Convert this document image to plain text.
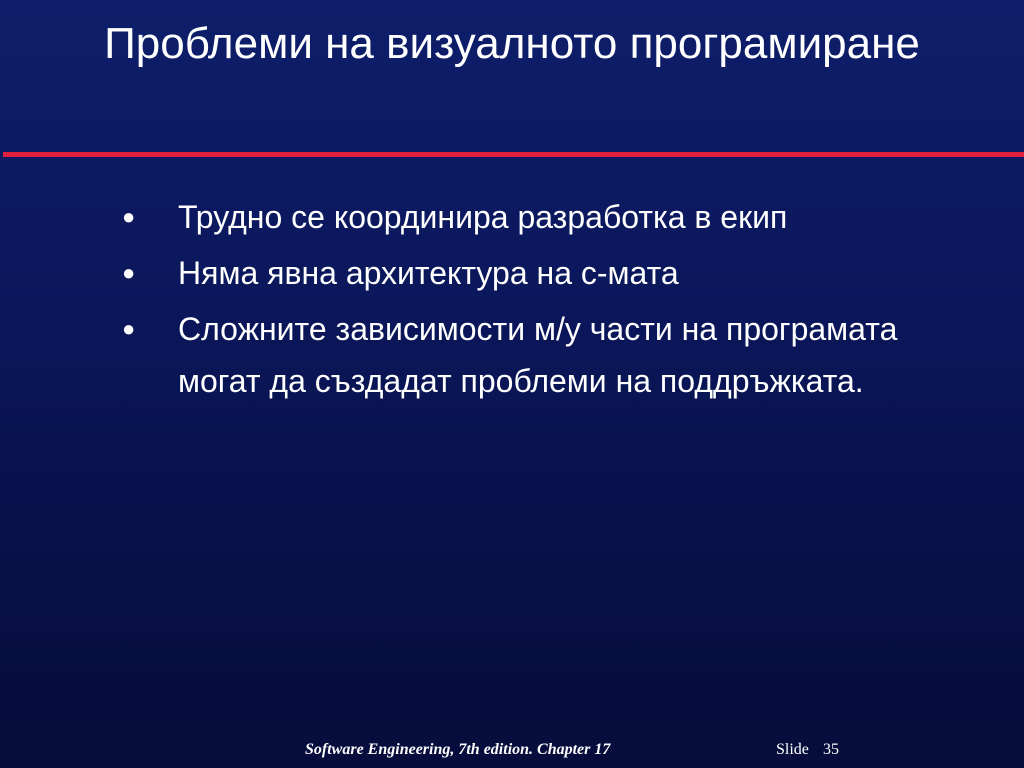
Проблеми на визуалното програмиране
● Трудно се координира разработка в екип
● Няма явна архитектура на с-мата
● Сложните зависимости м/у части на програмата могат да създадат проблеми на поддръжката.
Software Engineering, 7th edition. Chapter 17	Slide 35
